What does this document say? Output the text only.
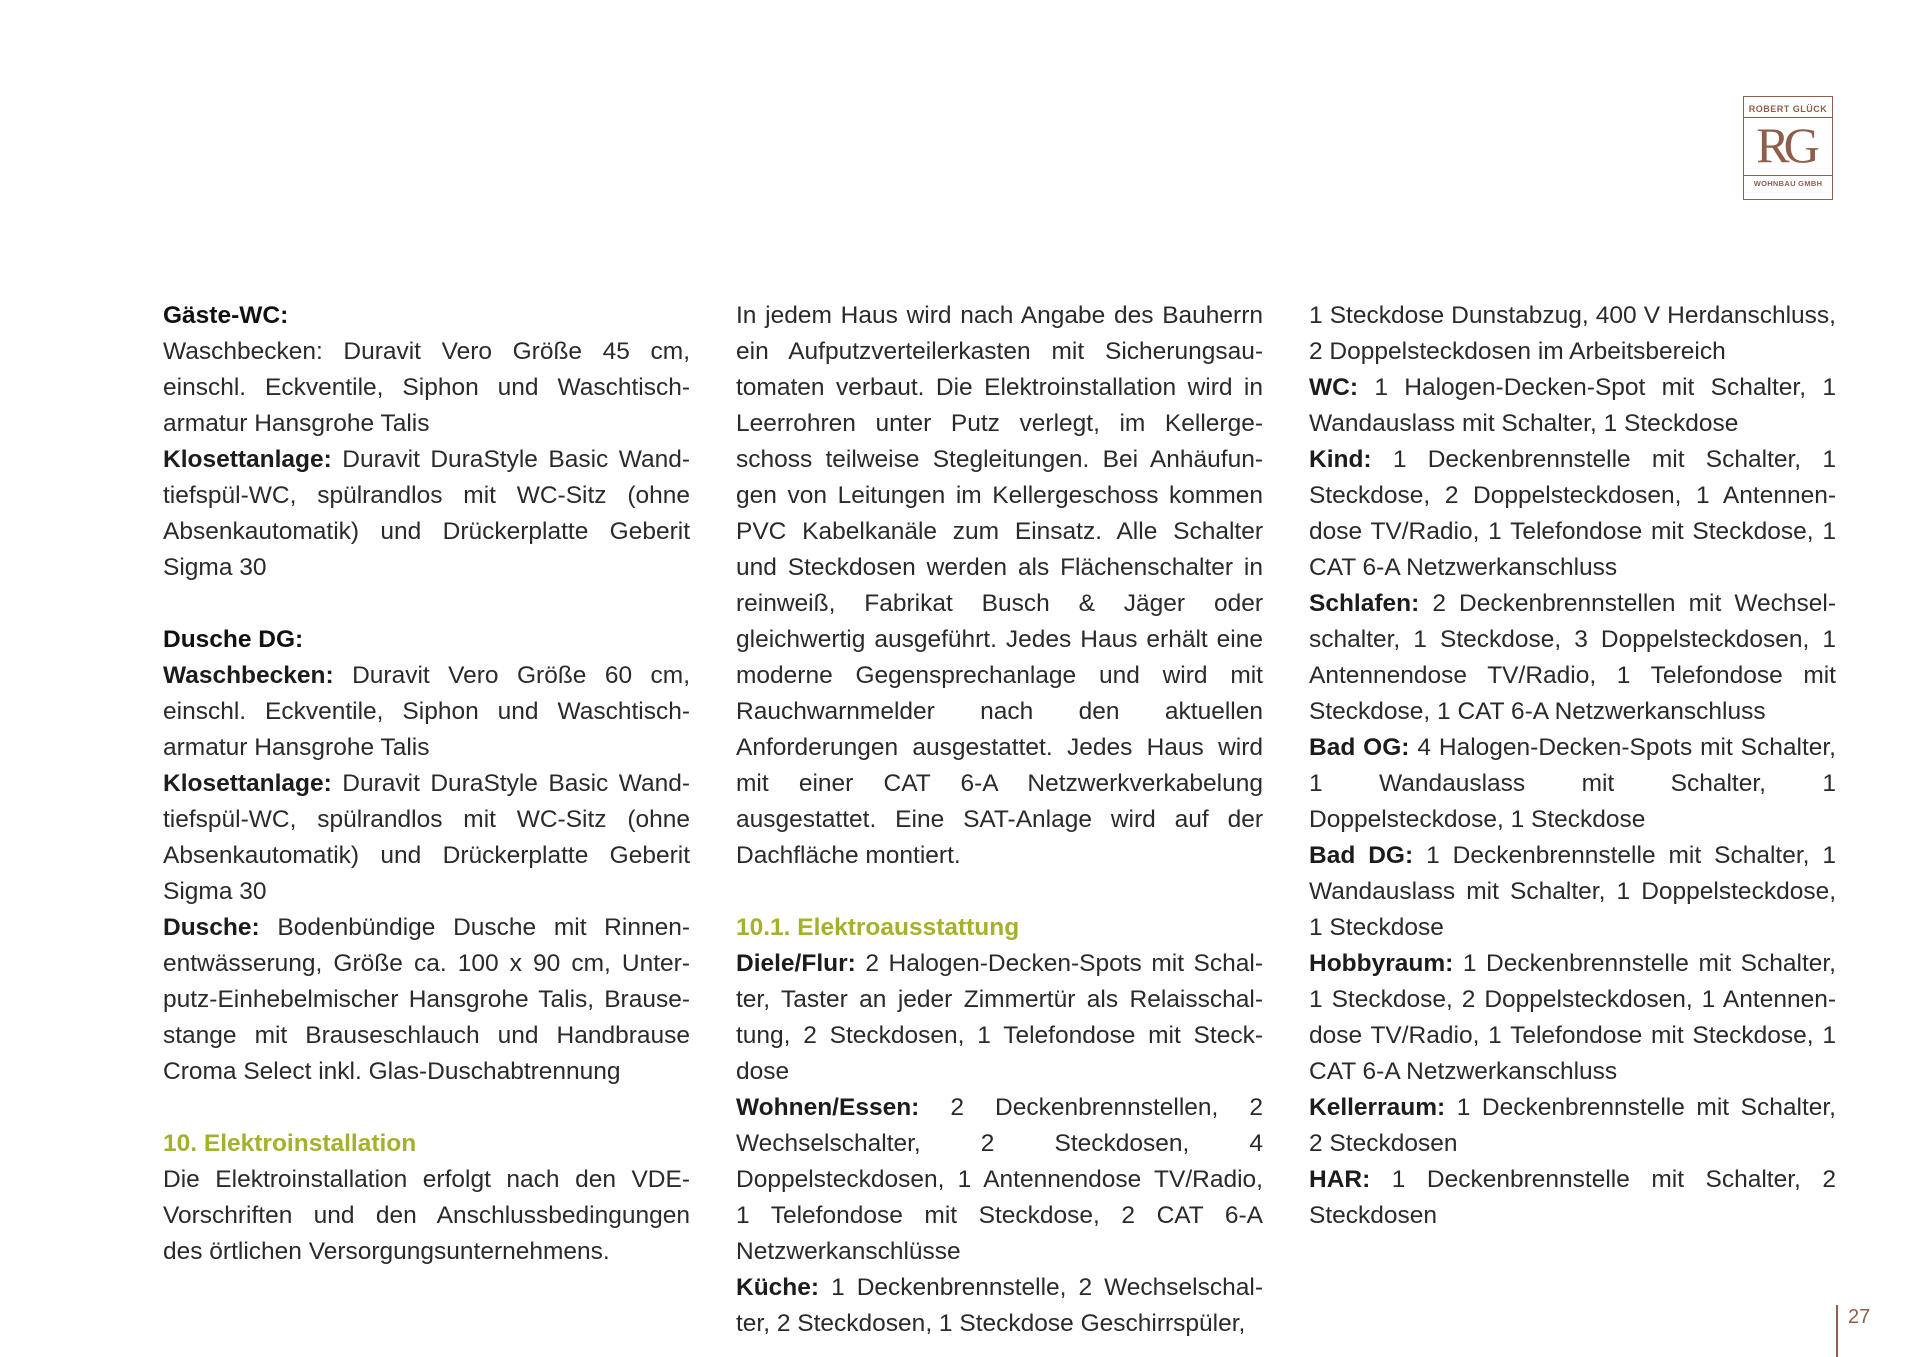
ROBERT GLÜCK
RG
WOHNBAU GMBH

Gäste-WC:

Waschbecken: Duravit Vero Größe 45 cm, einschl. Eckventile, Siphon und Waschtischarmatur Hansgrohe Talis

Klosettanlage: Duravit DuraStyle Basic Wandtiefspül-WC, spülrandlos mit WC-Sitz (ohne Absenkautomatik) und Drückerplatte Geberit Sigma 30

Dusche DG:

Waschbecken: Duravit Vero Größe 60 cm, einschl. Eckventile, Siphon und Waschtischarmatur Hansgrohe Talis

Klosettanlage: Duravit DuraStyle Basic Wandtiefspül-WC, spülrandlos mit WC-Sitz (ohne Absenkautomatik) und Drückerplatte Geberit Sigma 30

Dusche: Bodenbündige Dusche mit Rinnenentwässerung, Größe ca. 100 x 90 cm, Unterputz-Einhebelmischer Hansgrohe Talis, Brausestange mit Brauseschlauch und Handbrause Croma Select inkl. Glas-Duschabtrennung

10. Elektroinstallation

Die Elektroinstallation erfolgt nach den VDE-Vorschriften und den Anschlussbedingungen des örtlichen Versorgungsunternehmens.

In jedem Haus wird nach Angabe des Bauherrn ein Aufputzverteilerkasten mit Sicherungsautomaten verbaut. Die Elektroinstallation wird in Leerrohren unter Putz verlegt, im Kellergeschoss teilweise Stegleitungen. Bei Anhäufungen von Leitungen im Kellergeschoss kommen PVC Kabelkanäle zum Einsatz. Alle Schalter und Steckdosen werden als Flächenschalter in reinweiß, Fabrikat Busch & Jäger oder gleichwertig ausgeführt. Jedes Haus erhält eine moderne Gegensprechanlage und wird mit Rauchwarnmelder nach den aktuellen Anforderungen ausgestattet. Jedes Haus wird mit einer CAT 6-A Netzwerkverkabelung ausgestattet. Eine SAT-Anlage wird auf der Dachfläche montiert.

10.1. Elektroausstattung

Diele/Flur: 2 Halogen-Decken-Spots mit Schalter, Taster an jeder Zimmertür als Relaisschaltung, 2 Steckdosen, 1 Telefondose mit Steckdose

Wohnen/Essen: 2 Deckenbrennstellen, 2 Wechselschalter, 2 Steckdosen, 4 Doppelsteckdosen, 1 Antennendose TV/Radio, 1 Telefondose mit Steckdose, 2 CAT 6-A Netzwerkanschlüsse

Küche: 1 Deckenbrennstelle, 2 Wechselschalter, 2 Steckdosen, 1 Steckdose Geschirrspüler,

1 Steckdose Dunstabzug, 400 V Herdanschluss, 2 Doppelsteckdosen im Arbeitsbereich

WC: 1 Halogen-Decken-Spot mit Schalter, 1 Wandauslass mit Schalter, 1 Steckdose

Kind: 1 Deckenbrennstelle mit Schalter, 1 Steckdose, 2 Doppelsteckdosen, 1 Antennendose TV/Radio, 1 Telefondose mit Steckdose, 1 CAT 6-A Netzwerkanschluss

Schlafen: 2 Deckenbrennstellen mit Wechselschalter, 1 Steckdose, 3 Doppelsteckdosen, 1 Antennendose TV/Radio, 1 Telefondose mit Steckdose, 1 CAT 6-A Netzwerkanschluss

Bad OG: 4 Halogen-Decken-Spots mit Schalter, 1 Wandauslass mit Schalter, 1 Doppelsteckdose, 1 Steckdose

Bad DG: 1 Deckenbrennstelle mit Schalter, 1 Wandauslass mit Schalter, 1 Doppelsteckdose, 1 Steckdose

Hobbyraum: 1 Deckenbrennstelle mit Schalter, 1 Steckdose, 2 Doppelsteckdosen, 1 Antennendose TV/Radio, 1 Telefondose mit Steckdose, 1 CAT 6-A Netzwerkanschluss

Kellerraum: 1 Deckenbrennstelle mit Schalter, 2 Steckdosen

HAR: 1 Deckenbrennstelle mit Schalter, 2 Steckdosen

27
